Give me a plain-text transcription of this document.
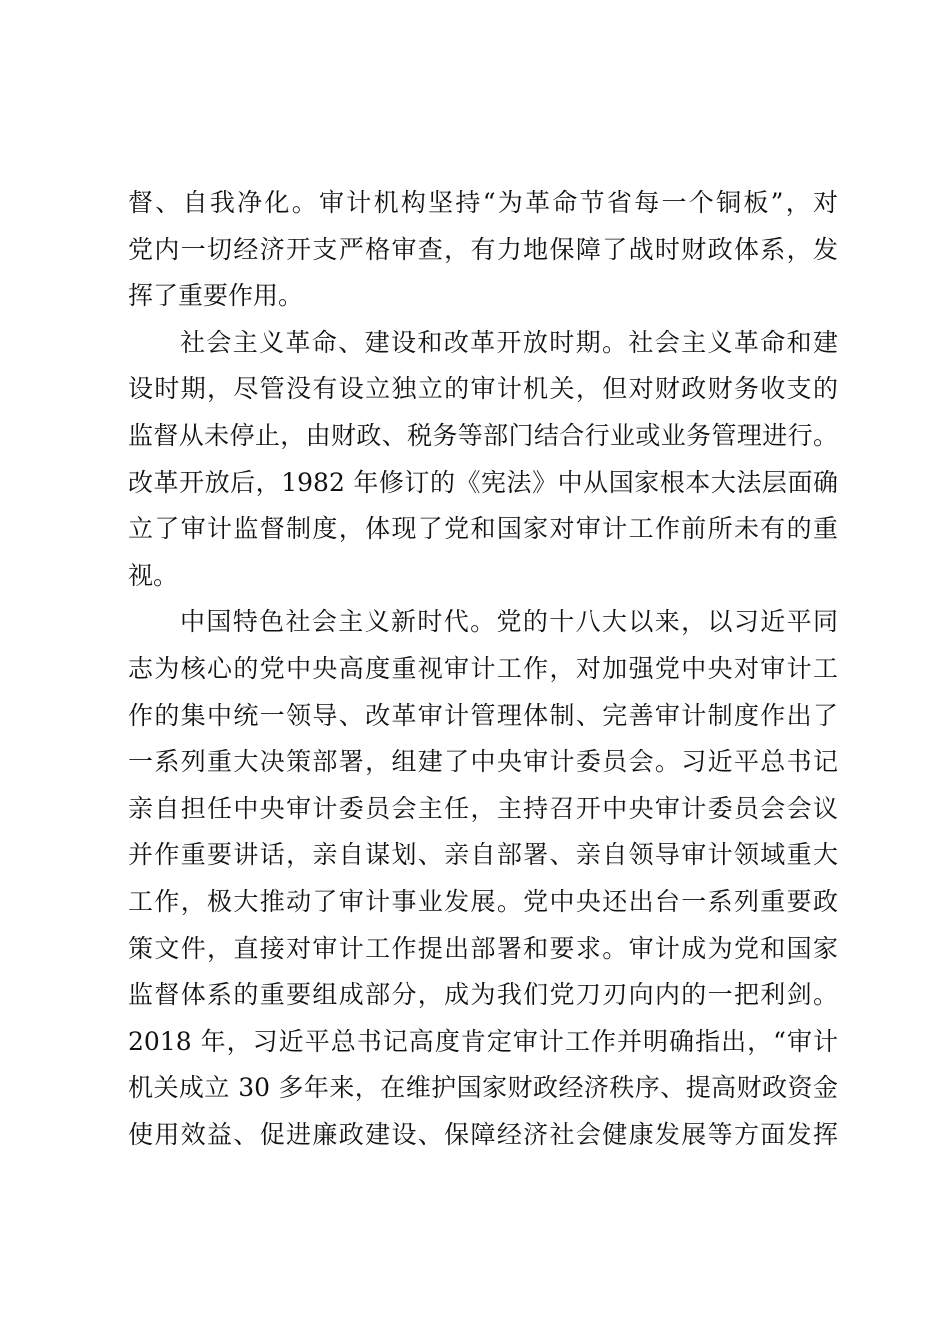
督、自我净化。审计机构坚持“为革命节省每一个铜板”，对
党内一切经济开支严格审查，有力地保障了战时财政体系，发
挥了重要作用。
社会主义革命、建设和改革开放时期。社会主义革命和建
设时期，尽管没有设立独立的审计机关，但对财政财务收支的
监督从未停止，由财政、税务等部门结合行业或业务管理进行。
改革开放后，1982 年修订的《宪法》中从国家根本大法层面确
立了审计监督制度，体现了党和国家对审计工作前所未有的重
视。
中国特色社会主义新时代。党的十八大以来，以习近平同
志为核心的党中央高度重视审计工作，对加强党中央对审计工
作的集中统一领导、改革审计管理体制、完善审计制度作出了
一系列重大决策部署，组建了中央审计委员会。习近平总书记
亲自担任中央审计委员会主任，主持召开中央审计委员会会议
并作重要讲话，亲自谋划、亲自部署、亲自领导审计领域重大
工作，极大推动了审计事业发展。党中央还出台一系列重要政
策文件，直接对审计工作提出部署和要求。审计成为党和国家
监督体系的重要组成部分，成为我们党刀刃向内的一把利剑。
2018 年，习近平总书记高度肯定审计工作并明确指出，“审计
机关成立 30 多年来，在维护国家财政经济秩序、提高财政资金
使用效益、促进廉政建设、保障经济社会健康发展等方面发挥
